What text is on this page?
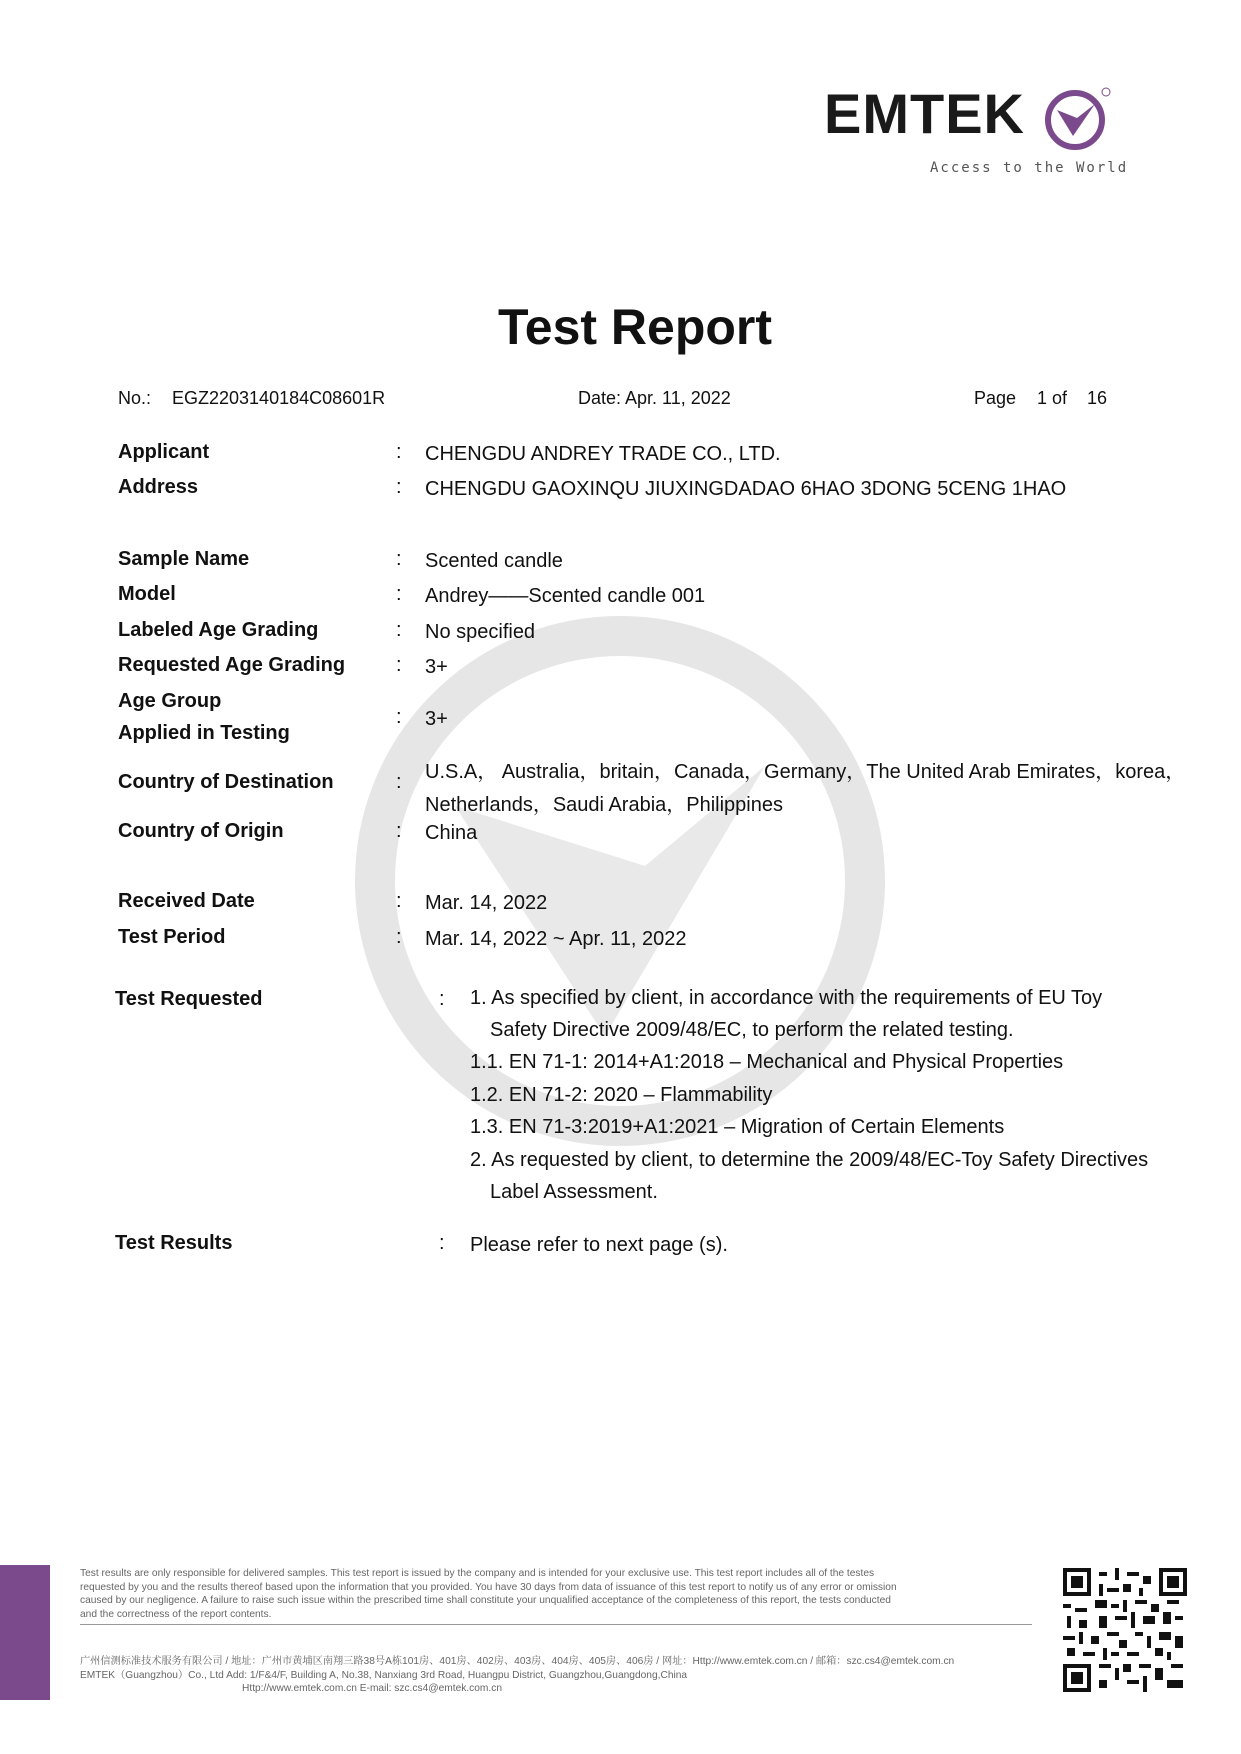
EMTEK
Access to the World
Test Report
No.: EGZ2203140184C08601R	Date: Apr. 11, 2022	Page 1 of 16
Applicant	: CHENGDU ANDREY TRADE CO., LTD.
Address	: CHENGDU GAOXINQU JIUXINGDADAO 6HAO 3DONG 5CENG 1HAO
Sample Name	: Scented candle
Model	: Andrey——Scented candle 001
Labeled Age Grading	: No specified
Requested Age Grading	: 3+
Age Group
Applied in Testing
: 3+
Country of Destination	: U.S.A， Australia，britain，Canada，Germany，The United Arab Emirates，korea，
Netherlands，Saudi Arabia，Philippines
Country of Origin	: China
Received Date	: Mar. 14, 2022
Test Period	: Mar. 14, 2022 ~ Apr. 11, 2022
Test Requested	: 1. As specified by client, in accordance with the requirements of EU Toy
Safety Directive 2009/48/EC, to perform the related testing.
1.1. EN 71-1: 2014+A1:2018 – Mechanical and Physical Properties
1.2. EN 71-2: 2020 – Flammability
1.3. EN 71-3:2019+A1:2021 – Migration of Certain Elements
2. As requested by client, to determine the 2009/48/EC-Toy Safety Directives
Label Assessment.
Test Results	: Please refer to next page (s).
Test results are only responsible for delivered samples. This test report is issued by the company and is intended for your exclusive use. This test report includes all of the testes
requested by you and the results thereof based upon the information that you provided. You have 30 days from data of issuance of this test report to notify us of any error or omission
caused by our negligence. A failure to raise such issue within the prescribed time shall constitute your unqualified acceptance of the completeness of this report, the tests conducted
and the correctness of the report contents.
广州信测标准技术服务有限公司 / 地址：广州市黄埔区南翔三路38号A栋101房、401房、402房、403房、404房、405房、406房 / 网址：Http://www.emtek.com.cn / 邮箱：szc.cs4@emtek.com.cn
EMTEK（Guangzhou）Co., Ltd Add: 1/F&4/F, Building A, No.38, Nanxiang 3rd Road, Huangpu District, Guangzhou,Guangdong,China
Http://www.emtek.com.cn E-mail: szc.cs4@emtek.com.cn
